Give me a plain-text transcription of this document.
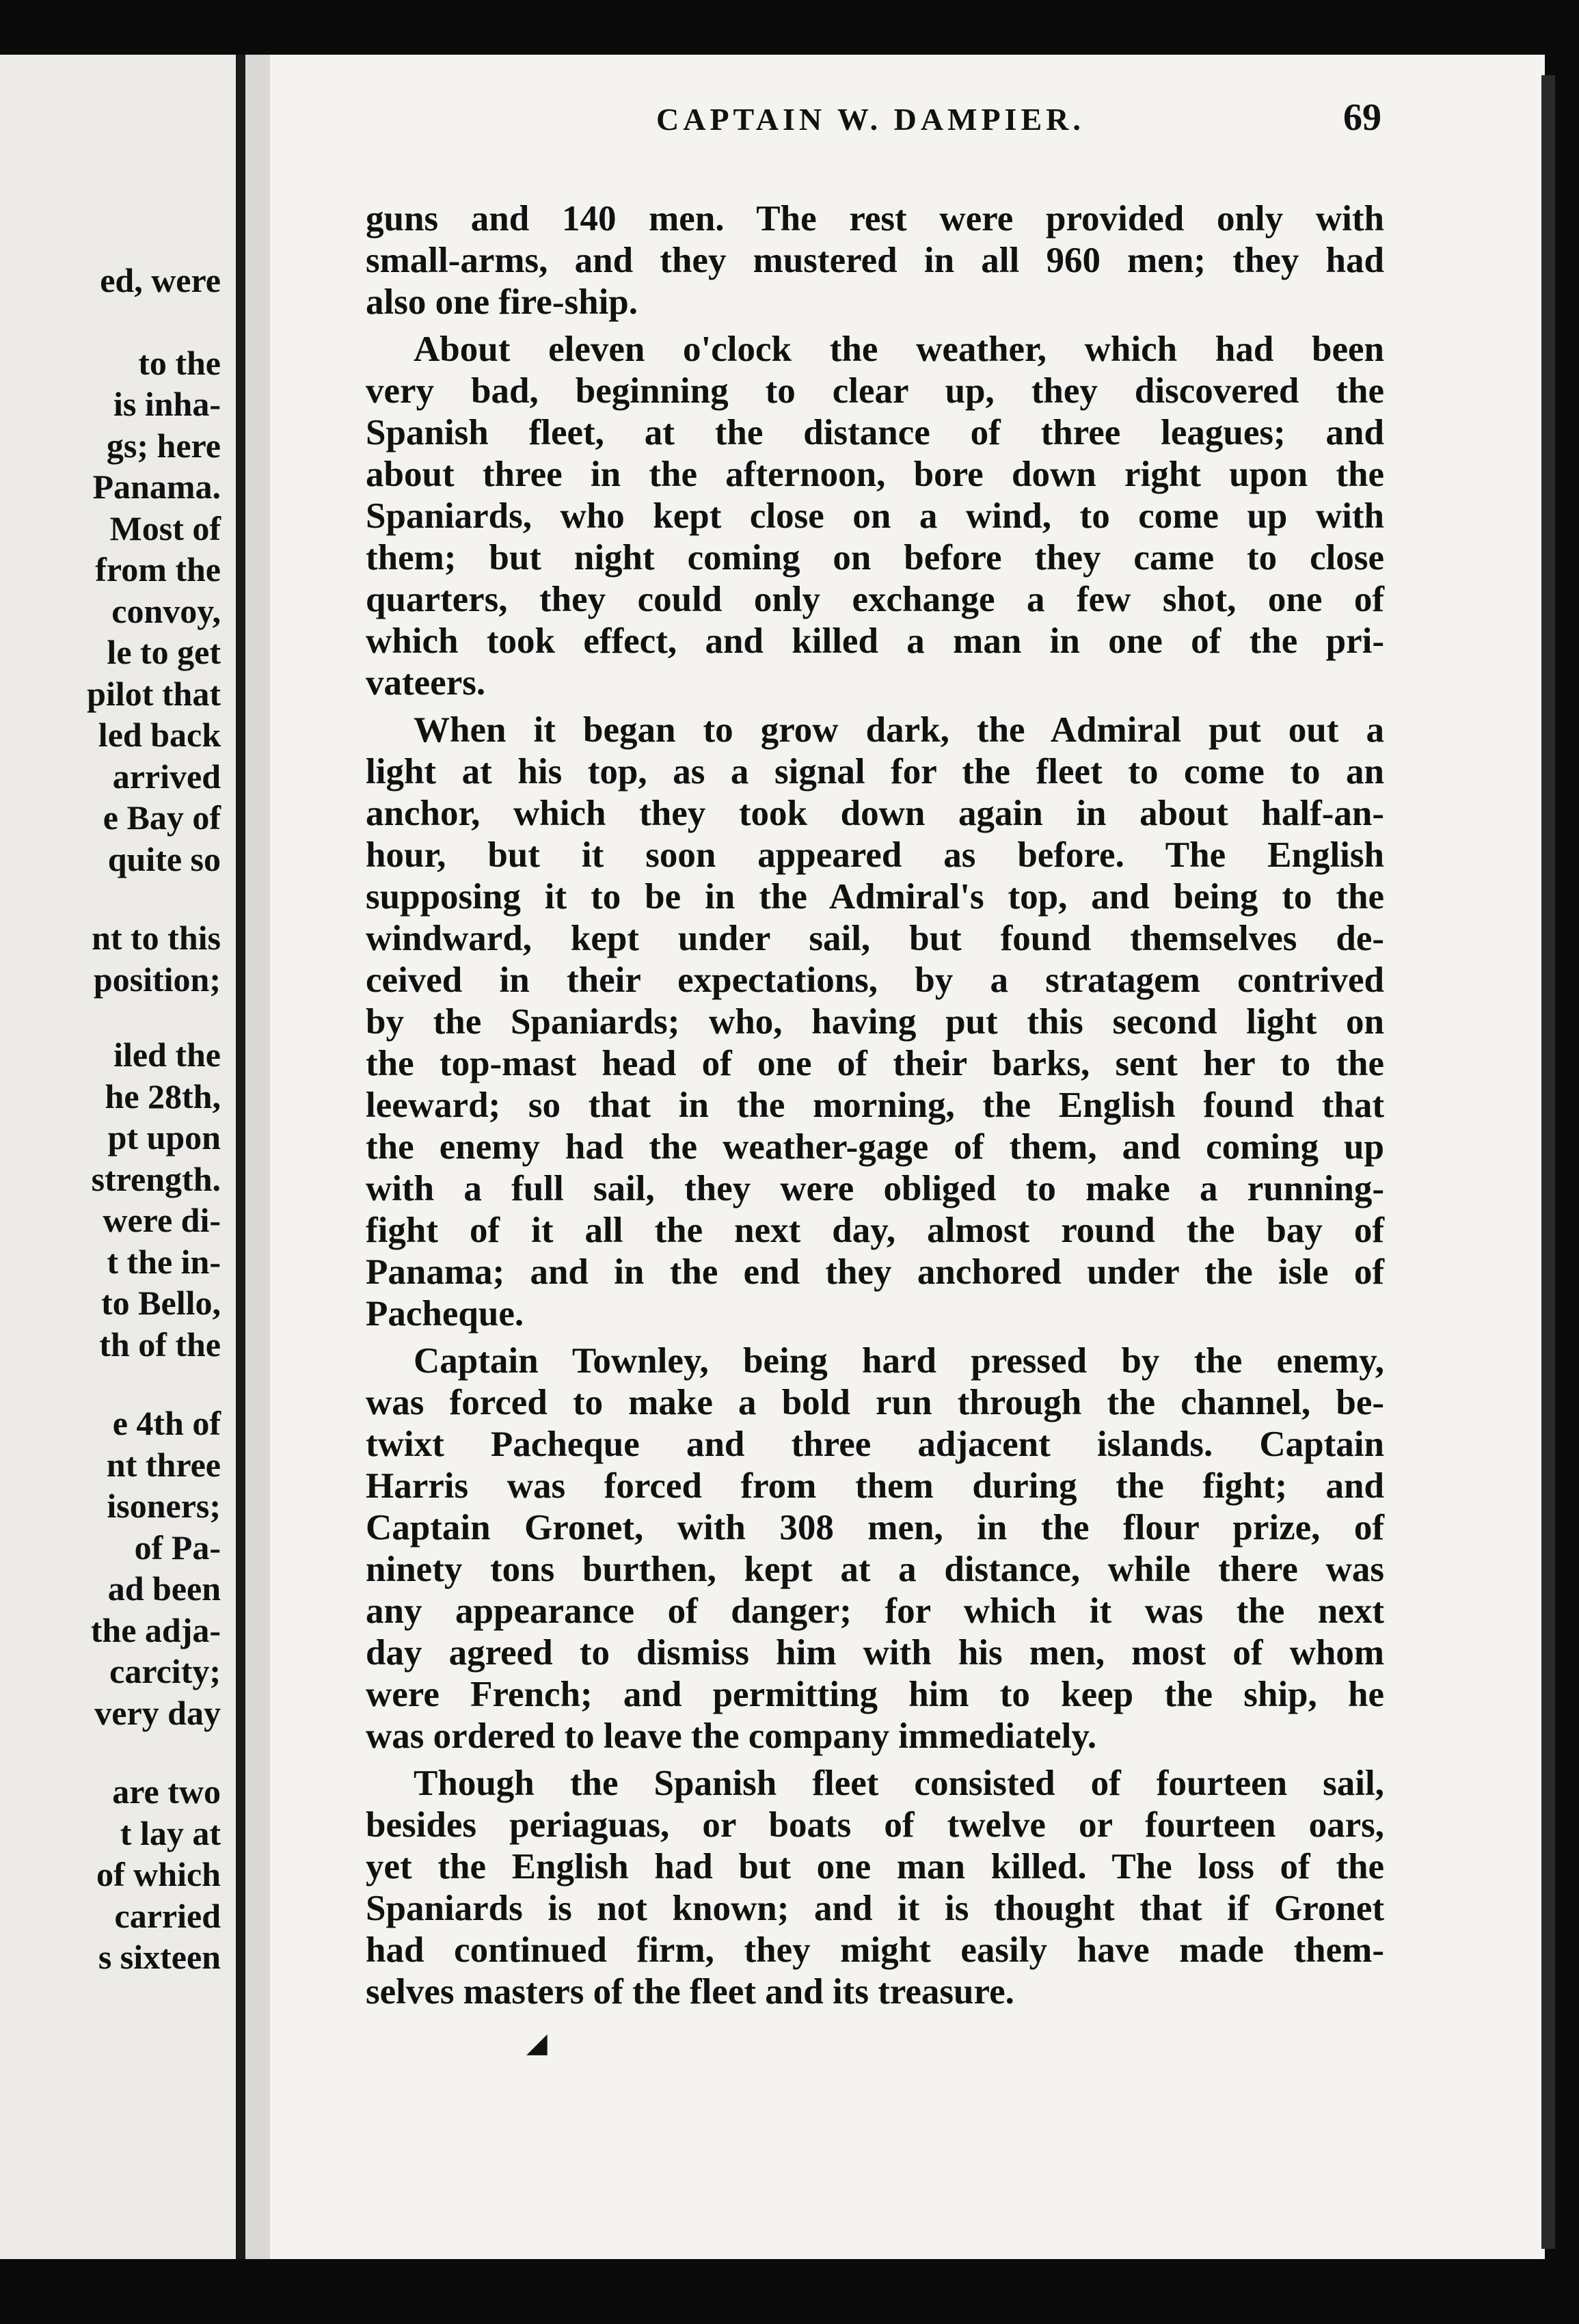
ed, were
to the
is inha-
gs; here
Panama.
Most of
from the
convoy,
le to get
pilot that
led back
arrived
e Bay of
quite so
nt to this
position;
iled the
he 28th,
pt upon
strength.
were di-
t the in-
to Bello,
th of the
e 4th of
nt three
isoners;
of Pa-
ad been
the adja-
carcity;
very day
are two
t lay at
of which
carried
s sixteen
CAPTAIN W. DAMPIER.	69
guns and 140 men. The rest were provided only with
small-arms, and they mustered in all 960 men; they had
also one fire-ship.
About eleven o'clock the weather, which had been
very bad, beginning to clear up, they discovered the
Spanish fleet, at the distance of three leagues; and
about three in the afternoon, bore down right upon the
Spaniards, who kept close on a wind, to come up with
them; but night coming on before they came to close
quarters, they could only exchange a few shot, one of
which took effect, and killed a man in one of the pri-
vateers.
When it began to grow dark, the Admiral put out a
light at his top, as a signal for the fleet to come to an
anchor, which they took down again in about half-an-
hour, but it soon appeared as before. The English
supposing it to be in the Admiral's top, and being to the
windward, kept under sail, but found themselves de-
ceived in their expectations, by a stratagem contrived
by the Spaniards; who, having put this second light on
the top-mast head of one of their barks, sent her to the
leeward; so that in the morning, the English found that
the enemy had the weather-gage of them, and coming up
with a full sail, they were obliged to make a running-
fight of it all the next day, almost round the bay of
Panama; and in the end they anchored under the isle of
Pacheque.
Captain Townley, being hard pressed by the enemy,
was forced to make a bold run through the channel, be-
twixt Pacheque and three adjacent islands. Captain
Harris was forced from them during the fight; and
Captain Gronet, with 308 men, in the flour prize, of
ninety tons burthen, kept at a distance, while there was
any appearance of danger; for which it was the next
day agreed to dismiss him with his men, most of whom
were French; and permitting him to keep the ship, he
was ordered to leave the company immediately.
Though the Spanish fleet consisted of fourteen sail,
besides periaguas, or boats of twelve or fourteen oars,
yet the English had but one man killed. The loss of the
Spaniards is not known; and it is thought that if Gronet
had continued firm, they might easily have made them-
selves masters of the fleet and its treasure.
◢
